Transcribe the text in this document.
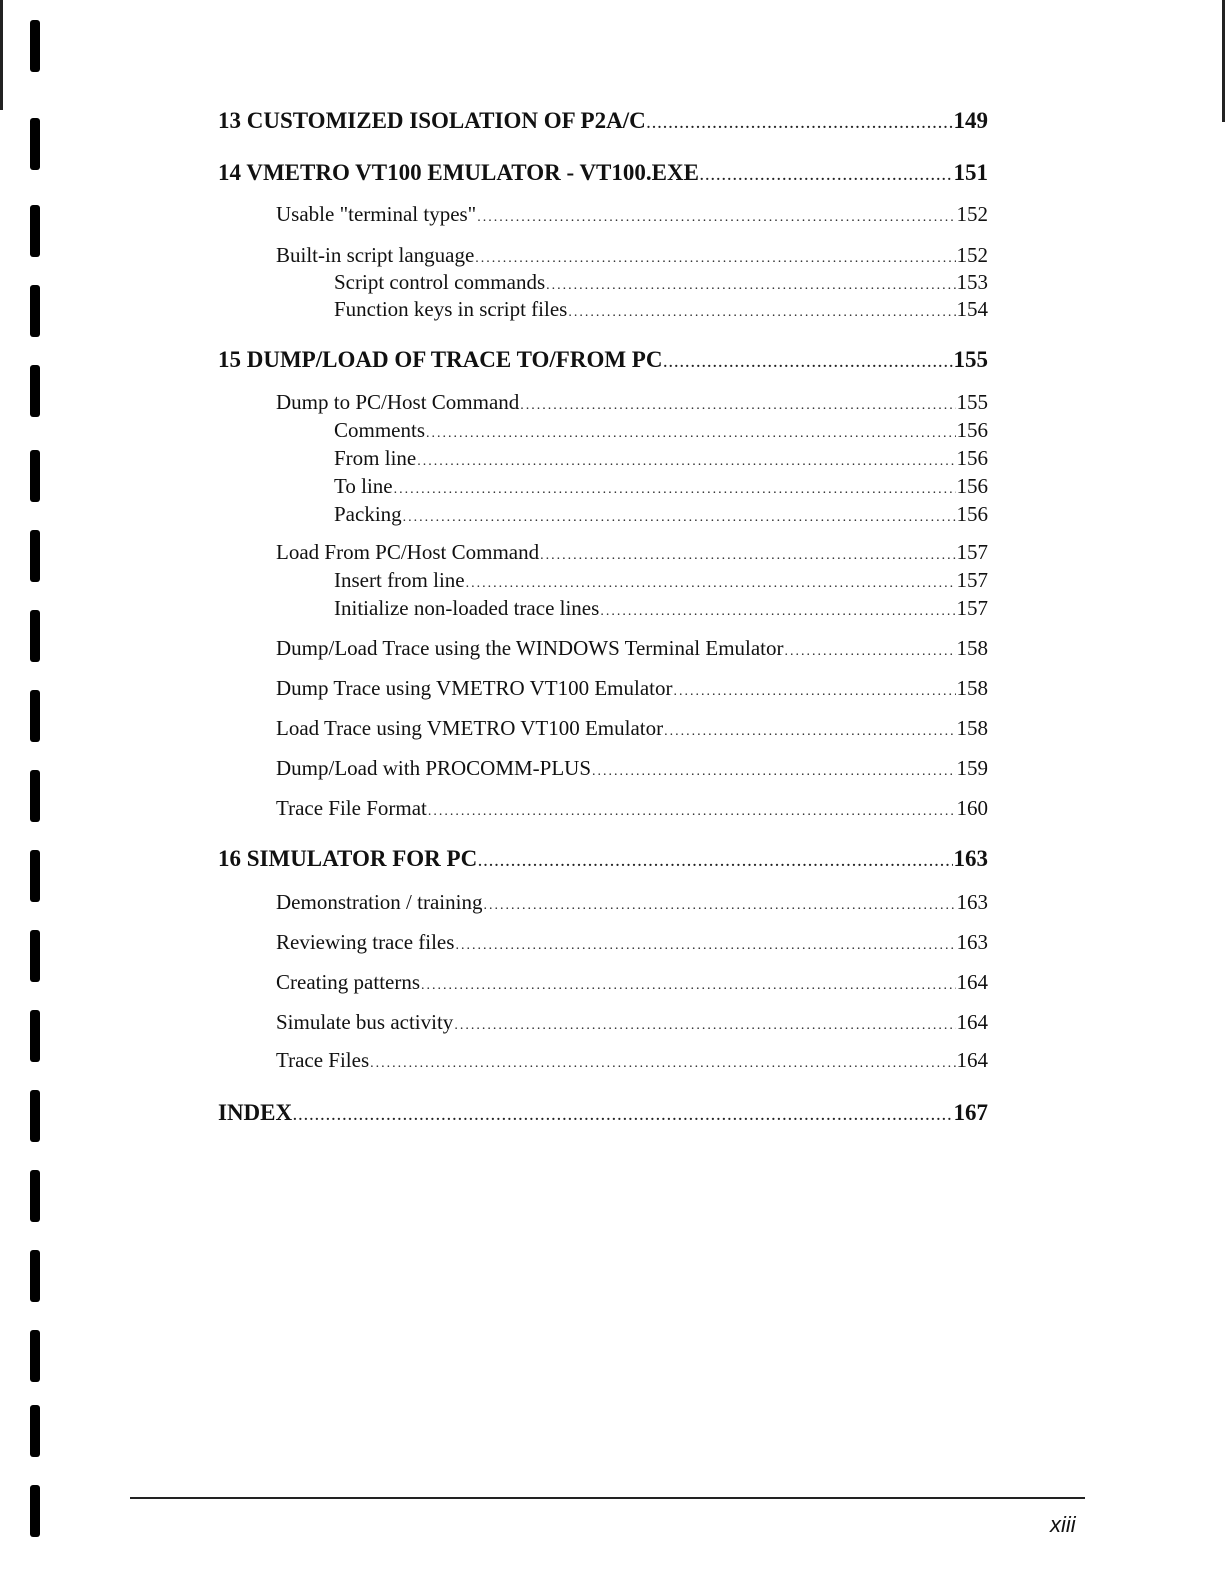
13 CUSTOMIZED ISOLATION OF P2A/C .....	149
14 VMETRO VT100 EMULATOR - VT100.EXE .....	151
Usable "terminal types" .....	152
Built-in script language .....	152
Script control commands .....	153
Function keys in script files .....	154
15 DUMP/LOAD OF TRACE TO/FROM PC .....	155
Dump to PC/Host Command .....	155
Comments .....	156
From line .....	156
To line .....	156
Packing .....	156
Load From PC/Host Command .....	157
Insert from line .....	157
Initialize non-loaded trace lines .....	157
Dump/Load Trace using the WINDOWS Terminal Emulator .....	158
Dump Trace using VMETRO VT100 Emulator .....	158
Load Trace using VMETRO VT100 Emulator .....	158
Dump/Load with PROCOMM-PLUS .....	159
Trace File Format .....	160
16 SIMULATOR FOR PC .....	163
Demonstration / training .....	163
Reviewing trace files .....	163
Creating patterns .....	164
Simulate bus activity .....	164
Trace Files .....	164
INDEX .....	167
xiii
